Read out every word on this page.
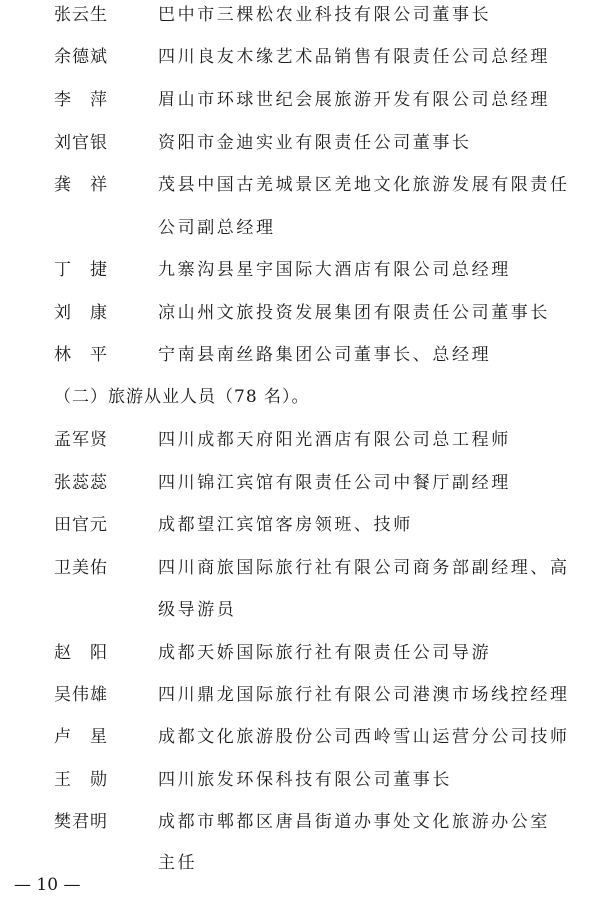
张云生	巴中市三棵松农业科技有限公司董事长
余德斌	四川良友木缘艺术品销售有限责任公司总经理
李　萍	眉山市环球世纪会展旅游开发有限公司总经理
刘官银	资阳市金迪实业有限责任公司董事长
龚　祥	茂县中国古羌城景区羌地文化旅游发展有限责任
公司副总经理
丁　捷	九寨沟县星宇国际大酒店有限公司总经理
刘　康	凉山州文旅投资发展集团有限责任公司董事长
林　平	宁南县南丝路集团公司董事长、总经理
（二）旅游从业人员（78 名）。
孟军贤	四川成都天府阳光酒店有限公司总工程师
张蕊蕊	四川锦江宾馆有限责任公司中餐厅副经理
田官元	成都望江宾馆客房领班、技师
卫美佑	四川商旅国际旅行社有限公司商务部副经理、高
级导游员
赵　阳	成都天娇国际旅行社有限责任公司导游
吴伟雄	四川鼎龙国际旅行社有限公司港澳市场线控经理
卢　星	成都文化旅游股份公司西岭雪山运营分公司技师
王　勋	四川旅发环保科技有限公司董事长
樊君明	成都市郫都区唐昌街道办事处文化旅游办公室
主任
— 10 —
